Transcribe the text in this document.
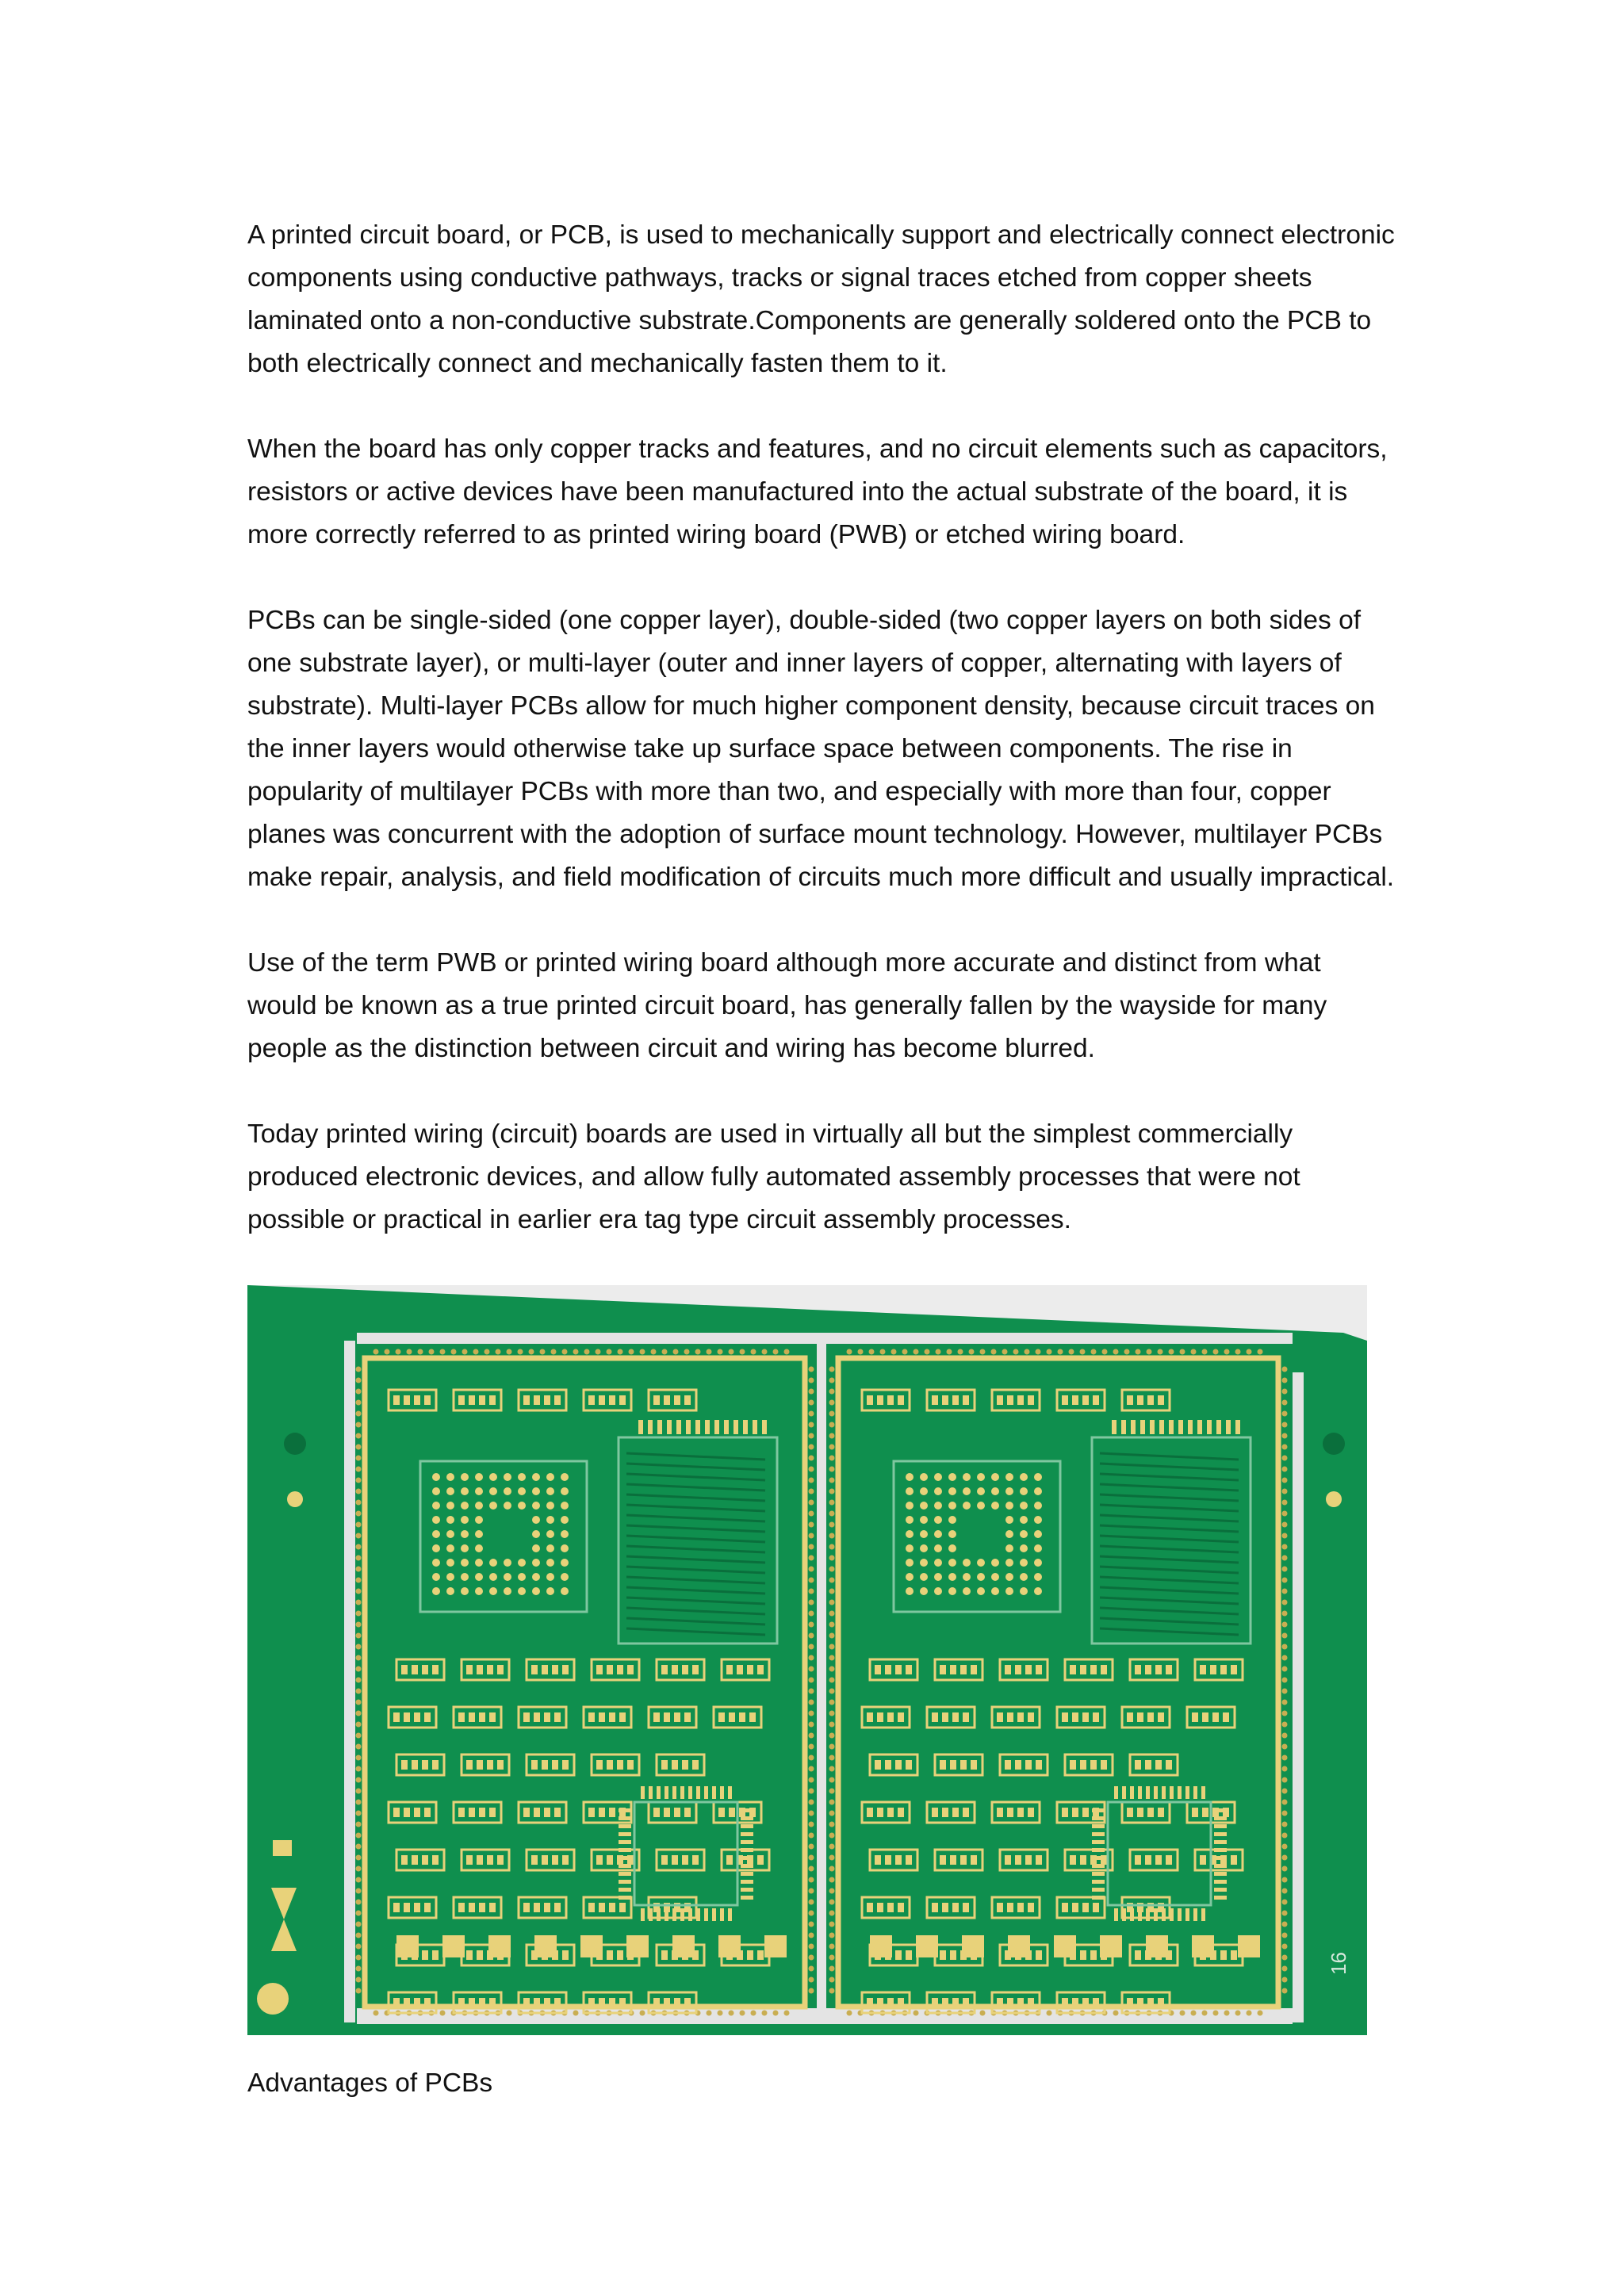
A printed circuit board, or PCB, is used to mechanically support and electrically connect electronic components using conductive pathways, tracks or signal traces etched from copper sheets laminated onto a non-conductive substrate.Components are generally soldered onto the PCB to both electrically connect and mechanically fasten them to it.

When the board has only copper tracks and features, and no circuit elements such as capacitors, resistors or active devices have been manufactured into the actual substrate of the board, it is more correctly referred to as printed wiring board (PWB) or etched wiring board.

PCBs can be single-sided (one copper layer), double-sided (two copper layers on both sides of one substrate layer), or multi-layer (outer and inner layers of copper, alternating with layers of substrate). Multi-layer PCBs allow for much higher component density, because circuit traces on the inner layers would otherwise take up surface space between components. The rise in popularity of multilayer PCBs with more than two, and especially with more than four, copper planes was concurrent with the adoption of surface mount technology. However, multilayer PCBs make repair, analysis, and field modification of circuits much more difficult and usually impractical.

Use of the term PWB or printed wiring board although more accurate and distinct from what would be known as a true printed circuit board, has generally fallen by the wayside for many people as the distinction between circuit and wiring has become blurred.

Today printed wiring (circuit) boards are used in virtually all but the simplest commercially produced electronic devices, and allow fully automated assembly processes that were not possible or practical in earlier era tag type circuit assembly processes.

16
Advantages of PCBs
